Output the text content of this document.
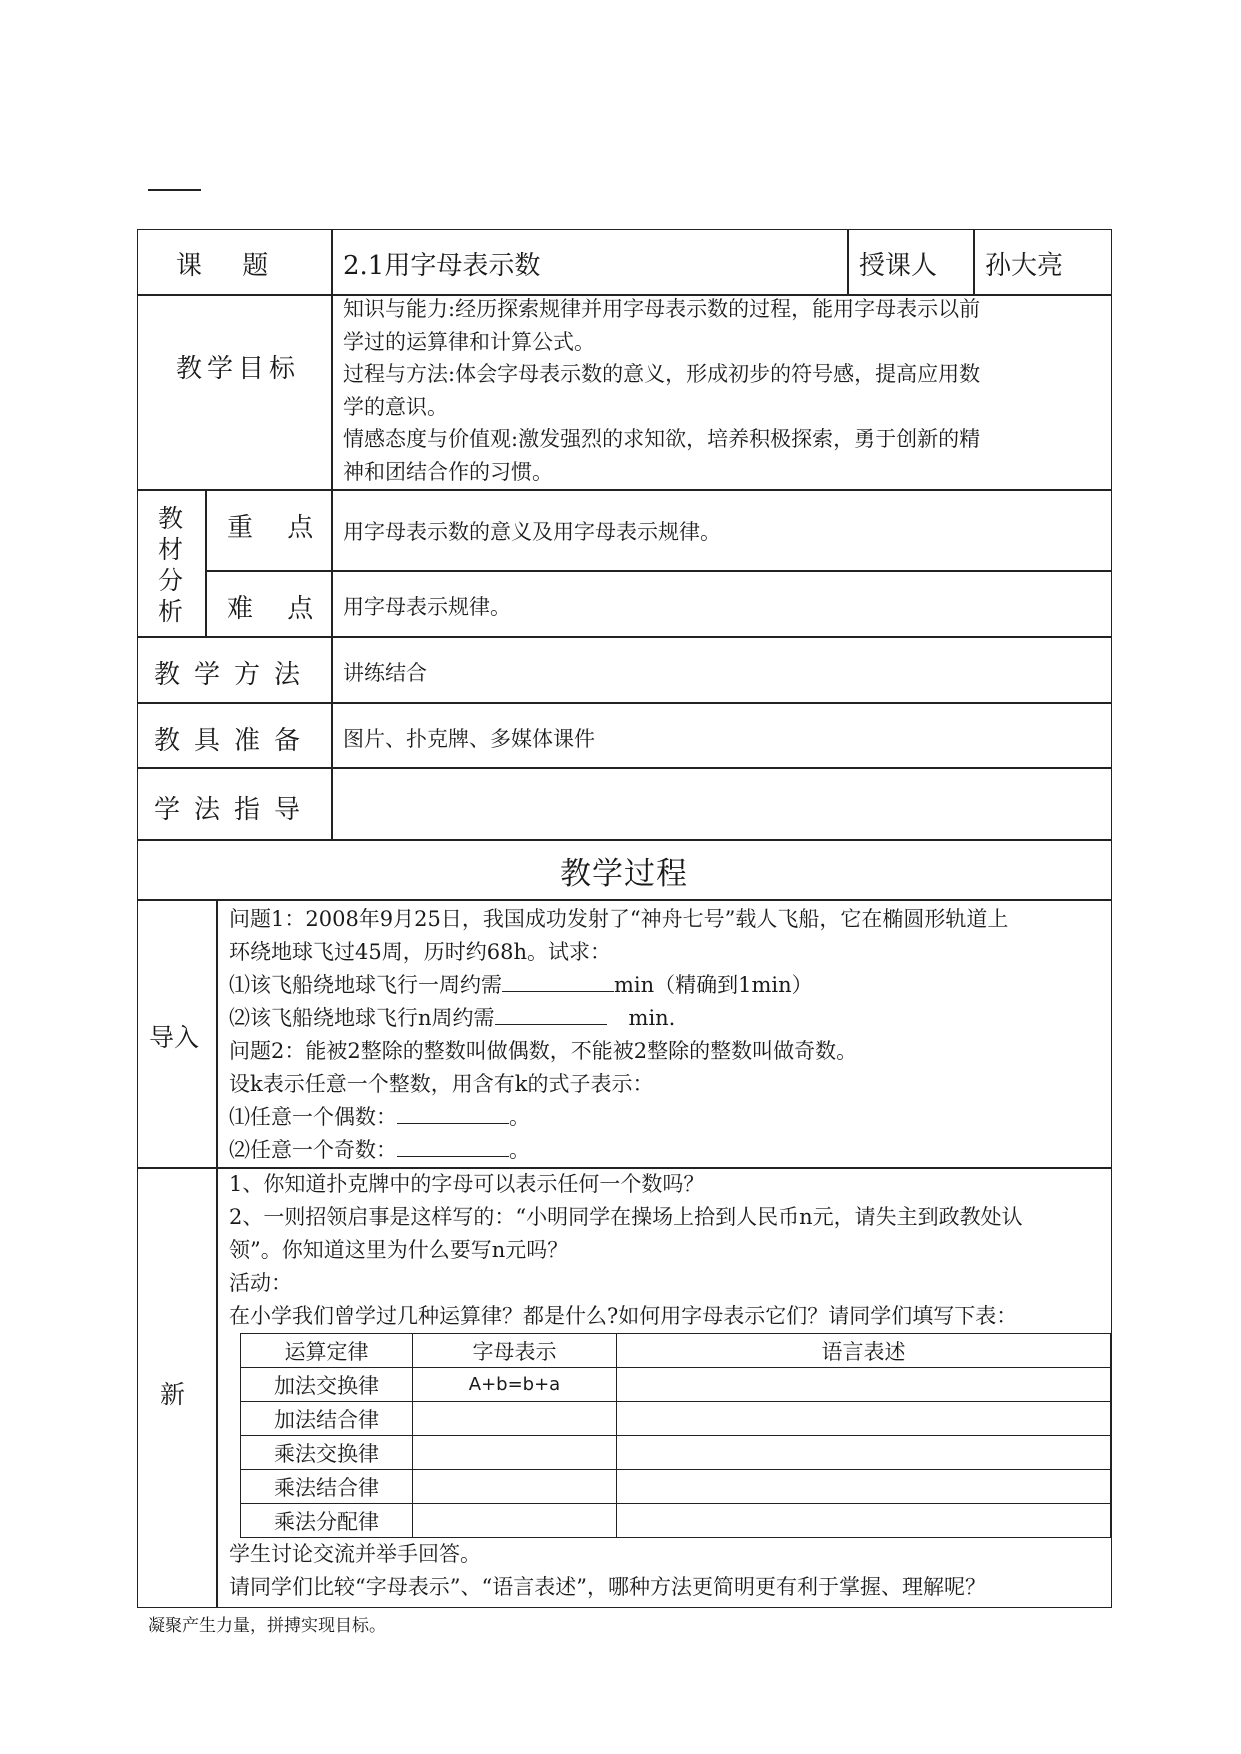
课 题	2.1用字母表示数	授课人 孙大亮
教学目标
知识与能力:经历探索规律并用字母表示数的过程，能用字母表示以前
学过的运算律和计算公式。
过程与方法:体会字母表示数的意义，形成初步的符号感，提高应用数
学的意识。
情感态度与价值观:激发强烈的求知欲，培养积极探索，勇于创新的精
神和团结合作的习惯。
教
材
分
析
重 点 用字母表示数的意义及用字母表示规律。
难 点 用字母表示规律。
教学方法 讲练结合
教具准备 图片、扑克牌、多媒体课件
学法指导
教学过程
导入
问题1：2008年9月25日，我国成功发射了“神舟七号”载人飞船，它在椭圆形轨道上
环绕地球飞过45周，历时约68h。试求：
⑴该飞船绕地球飞行一周约需	min（精确到1min）
⑵该飞船绕地球飞行n周约需	min.
问题2：能被2整除的整数叫做偶数，不能被2整除的整数叫做奇数。
设k表示任意一个整数，用含有k的式子表示：
⑴任意一个偶数：	。
⑵任意一个奇数：	。
新
1、你知道扑克牌中的字母可以表示任何一个数吗？
2、一则招领启事是这样写的：“小明同学在操场上拾到人民币n元，请失主到政教处认
领”。你知道这里为什么要写n元吗？
活动：
在小学我们曾学过几种运算律？都是什么?如何用字母表示它们？请同学们填写下表：
运算定律	字母表示	语言表述
加法交换律	A+b=b+a	
加法结合律		
乘法交换律		
乘法结合律		
乘法分配律		
学生讨论交流并举手回答。
请同学们比较“字母表示”、“语言表述”，哪种方法更简明更有利于掌握、理解呢？
凝聚产生力量，拼搏实现目标。
